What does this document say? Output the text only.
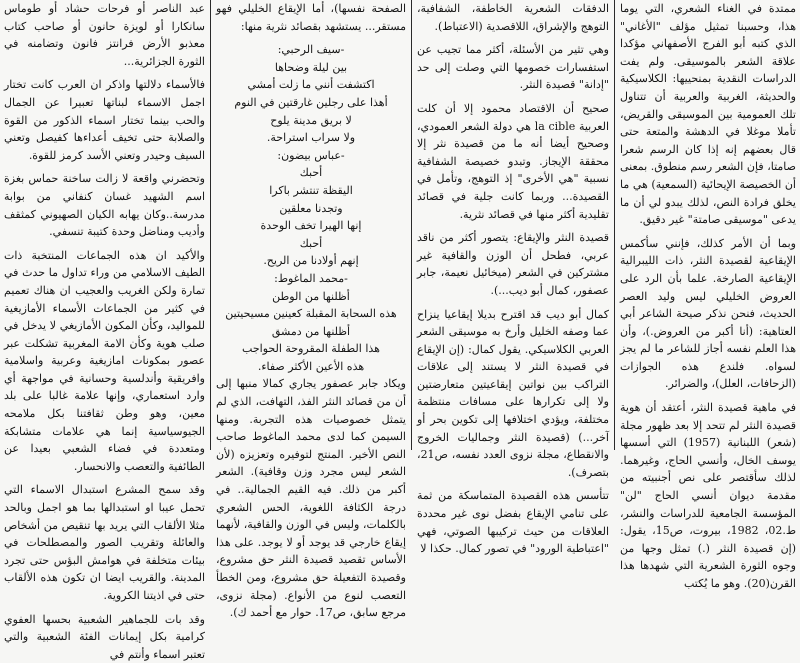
ممتدة في الغناء الشعري، التي يوما هذا، وحسبنا تمثيل مؤلف "الأغاني" الذي كتبه أبو الفرج الأصفهاني مؤكدا علاقة الشعر بالموسيقى. ولم يفت الدراسات النقدية بمنحييها: الكلاسيكية والحديثة، الغربية والعربية أن تتناول تلك العمومية بين الموسيقى والقريض، تأملا موغلا في الدهشة والمتعة حتى قال بعضهم إنه إذا كان الرسم شعرا صامتا، فإن الشعر رسم منطوق. بمعنى أن الخصيصة الإيحائية (السمعية) هي ما يخلق فرادة النص، لذلك يبدو لي أن ما يدعى "موسيقى صامتة" غير دقيق.

وبما أن الأمر كذلك، فإنني سأكمس الإيقاعية لقصيدة النثر، ذات الليبرالية الإيقاعية الصارخة. علما بأن الرد على العروض الخليلي ليس وليد العصر الحديث، فنحن نذكر صيحة الشاعر أبي العتاهية: (أنا أكبر من العروض.)، وأن هذا العلم نفسه أجاز للشاعر ما لم يجز لسواه. فلندع هذه الجوازات (الزحافات، العلل)، والضرائر.

في ماهية قصيدة النثر، أعتقد أن هوية قصيدة النثر لم تتحد إلا بعد ظهور مجلة (شعر) اللبنانية (1957) التي أسسها يوسف الخال، وأنسي الحاج، وغيرهما. لذلك سأقتصر على نص أجنبيته من مقدمة ديوان أنسي الحاج "لن" المؤسسة الجامعية للدراسات والنشر، ط.02، 1982، بيروت، ص15، يقول: (إن قصيدة النثر (.) تمثل وجها من وجوه الثورة الشعرية التي شهدها هذا القرن(20). وهو ما يُكتب

الدفقات الشعرية الخاطفة، الشفافية، التوهج والإشراق، اللاقصدية (الاعتباط).

وهي تثير من الأسئلة، أكثر مما تجيب عن استفسارات خصومها التي وصلت إلى حد "إدانة" قصيدة النثر.

صحيح أن الاقتصاد محمود إلا أن كلت العربية la cible هي دولة الشعر العمودي، وصحيح أيضا أنه ما من قصيدة نثر إلا محققة الإيجاز. وتبدو خصيصة الشفافية نسبية "هي الأخرى" إذ التوهج، وتأمل في القصيدة... وربما كانت جلية في قصائد تقليدية أكثر منها في قصائد نثرية.

قصيدة النثر والإيقاع: يتصور أكثر من ناقد عربي، فطحل أن الوزن والقافية غير مشتركين في الشعر (ميخائيل نعيمة، جابر عصفور، كمال أبو ديب...).

كمال أبو ديب قد اقترح بديلا إيقاعيا ينزاح عما وصفه الخليل وأرخ به موسيقى الشعر العربي الكلاسيكي. يقول كمال: (إن الإيقاع في قصيدة النثر لا يستند إلى علاقات التراكب بين نواتين إيقاعيتين متعارضتين ولا إلى تكرارها على مسافات منتظمة مختلفة، ويؤدي اختلافها إلى تكوين بحر أو آخر...) (قصيدة النثر وجماليات الخروج والانقطاع، مجلة نزوى العدد نفسه، ص21، بتصرف).

تتأسس هذه القصيدة المتماسكة من ثمة على تنامي الإيقاع بفضل نوى غير محددة العلاقات من حيث تركيبها الصوتي، فهي "اعتباطية الورود" في تصور كمال. حكذا لا

الصفحة نفسها)، أما الإيقاع الخليلي فهو مستقر... يستشهد بقصائد نثرية منها:

-سيف الرحبي:
بين ليلة وضحاها
اكتشفت أنني ما زلت أمشي
أهذا على رجلين غارقتين في النوم
لا بريق مدينة يلوح
ولا سراب استراحة.
-عباس بيضون:
أحبك
اليقظة تنتشر باكرا
وتجدنا معلقين
إنها الهيرا تخف الوحدة
أحبك
إنهم أولادنا من الريح.
-محمد الماغوط:
أظلنها من الوطن
هذه السحابة المقبلة كعينين مسيحيتين
أظلنها من دمشق
هذا الطفلة المقروحة الحواجب
هذه الأعين الأكثر صفاء.

ويكاد جابر عصفور يجاري كمالا منبها إلى أن من قصائد النثر الفذ، التهافت، الذي لم يتمثل خصوصيات هذه التجربة. ومنها السيمن كما لدى محمد الماغوط صاحب النص الأخير. المنتج لتوفيره وتعزيزه (لأن الشعر ليس مجرد وزن وقافية). الشعر أكبر من ذلك. فيه القيم الجمالية.. في درجة الكثافة اللغوية، الحس الشعري بالكلمات، وليس في الوزن والقافية، لأنهما إيقاع خارجي قد يوجد أو لا يوجد. على هذا الأساس تقصيد قصيدة النثر حق مشروع، وقصيدة التفعيلة حق مشروع، ومن الخطأ التعصب لنوع من الأنواع. (مجلة نزوى، مرجع سابق، ص17. حوار مع أحمد ك).

عبد الناصر أو فرحات حشاد أو طوماس سانكارا أو لويزة حانون أو صاحب كتاب معذبو الأرض فرانتز فانون وتضامنه في الثورة الجزائرية...

فالأسماء دلالتها واذكر ان العرب كانت تختار اجمل الاسماء لبناتها تعبيرا عن الجمال والحب بينما تختار اسماء الذكور من القوة والصلابة حتى تخيف أعداءها كفيصل وتعني السيف وحيدر وتعني الأسد كرمز للقوة.

وتحضرني واقعة لا زالت ساخنة حماس بغزة اسم الشهيد غسان كنفاني من بوابة مدرسة..وكان يهابه الكيان الصهيوني كمثقف وأديب ومناضل وحدة كتيبة تنسفي.

والأكيد ان هذه الجماعات المنتخبة ذات الطيف الاسلامي من وراء تداول ما حدث في تمارة ولكن الغريب والعجيب ان هناك تعميم في كثير من الجماعات الأسماء الأمازيغية للمواليد، وكأن المكون الأمازيغي لا يدخل في صلب هوية وكأن الامة المغربية تشكلت عبر عصور بمكونات امازيغية وعربية واسلامية وافريقية وأندلسية وحسانية في مواجهة أي وارد استعماري، وإنها علامة غالبا على بلد معين، وهو وطن ثقافتنا بكل ملامحه الجيوسياسية إنما هي علامات متشابكة ومتعددة في فضاء الشعبي بعيدا عن الطائفية والتعصب والانحسار.

وقد سمح المشرع استبدال الاسماء التي تحمل عيبا او استبدالها بما هو اجمل وبالحد مثلا الألقاب التي يريد بها تنقيص من أشخاص والعائلة وتقريب الصور والمصطلحات في بيئات متخلفة في هوامش البؤس حتى تجرد المدينة. والقريب ايضا ان تكون هذه الألقاب حتى في اذيتنا الكروية.

وقد بات للجماهير الشعبية بحسها العفوي كرامية بكل إيمانات الفئة الشعبية والتي تعتبر اسماء وأنتم في
